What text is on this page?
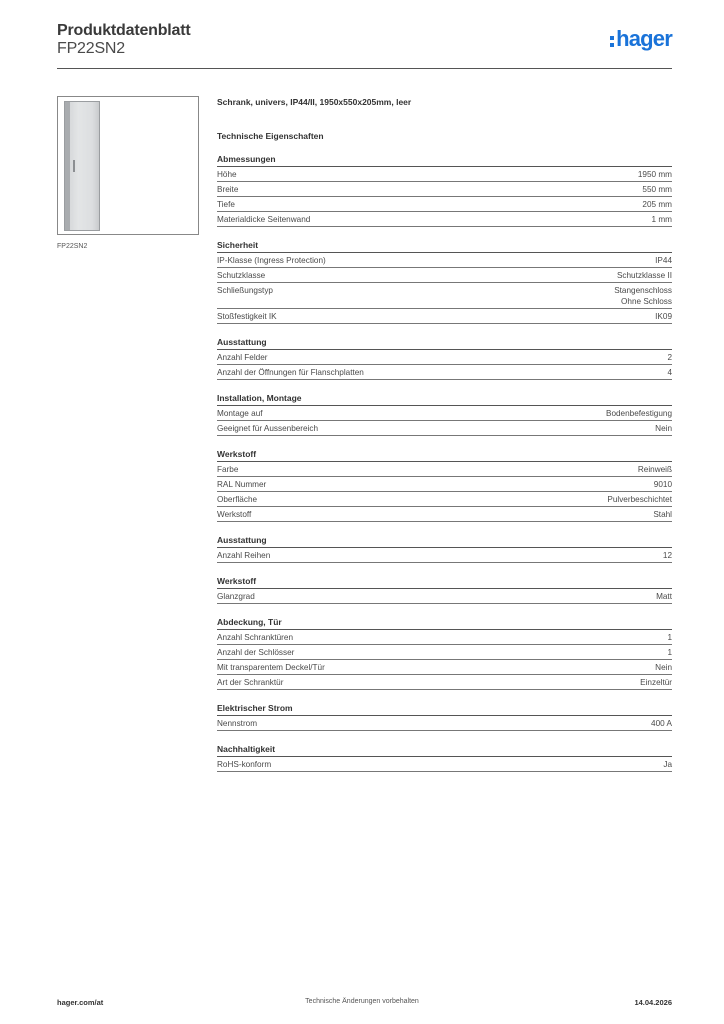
Produktdatenblatt
FP22SN2	hager
FP22SN2
Schrank, univers, IP44/II, 1950x550x205mm, leer
Technische Eigenschaften
Abmessungen
Höhe	1950 mm
Breite	550 mm
Tiefe	205 mm
Materialdicke Seitenwand	1 mm
Sicherheit
IP-Klasse (Ingress Protection)	IP44
Schutzklasse	Schutzklasse II
Schließungstyp	Stangenschloss
Ohne Schloss
Stoßfestigkeit IK	IK09
Ausstattung
Anzahl Felder	2
Anzahl der Öffnungen für Flanschplatten	4
Installation, Montage
Montage auf	Bodenbefestigung
Geeignet für Aussenbereich	Nein
Werkstoff
Farbe	Reinweiß
RAL Nummer	9010
Oberfläche	Pulverbeschichtet
Werkstoff	Stahl
Ausstattung
Anzahl Reihen	12
Werkstoff
Glanzgrad	Matt
Abdeckung, Tür
Anzahl Schranktüren	1
Anzahl der Schlösser	1
Mit transparentem Deckel/Tür	Nein
Art der Schranktür	Einzeltür
Elektrischer Strom
Nennstrom	400 A
Nachhaltigkeit
RoHS-konform	Ja
hager.com/at	Technische Änderungen vorbehalten	14.04.2026
